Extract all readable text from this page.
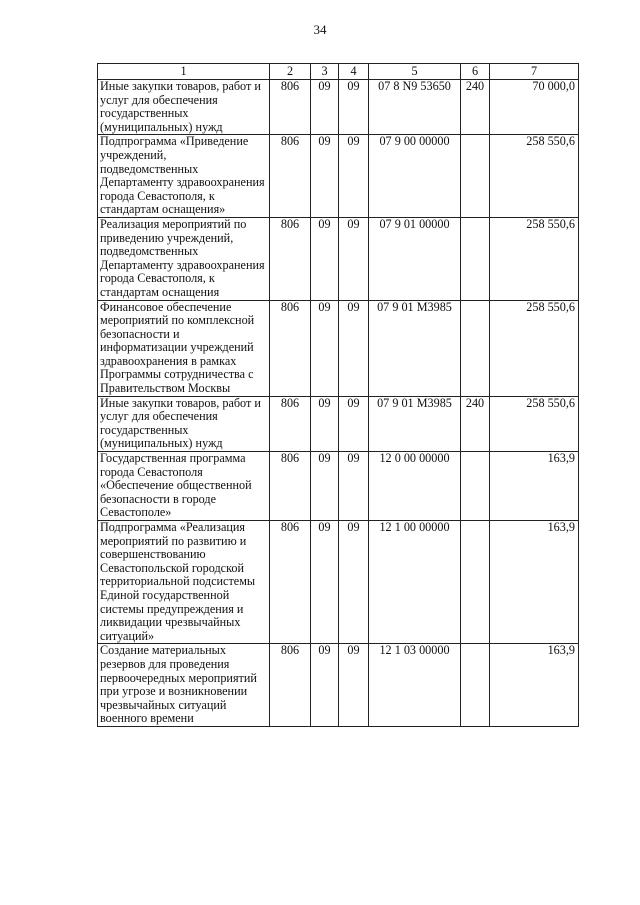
34
1	2	3	4	5	6	7
Иные закупки товаров, работ и услуг для обеспечения государственных (муниципальных) нужд	806	09	09	07 8 N9 53650	240	70 000,0
Подпрограмма «Приведение учреждений, подведомственных Департаменту здравоохранения города Севастополя, к стандартам оснащения»	806	09	09	07 9 00 00000		258 550,6
Реализация мероприятий по приведению учреждений, подведомственных Департаменту здравоохранения города Севастополя, к стандартам оснащения	806	09	09	07 9 01 00000		258 550,6
Финансовое обеспечение мероприятий по комплексной безопасности и информатизации учреждений здравоохранения в рамках Программы сотрудничества с Правительством Москвы	806	09	09	07 9 01 М3985		258 550,6
Иные закупки товаров, работ и услуг для обеспечения государственных (муниципальных) нужд	806	09	09	07 9 01 М3985	240	258 550,6
Государственная программа города Севастополя «Обеспечение общественной безопасности в городе Севастополе»	806	09	09	12 0 00 00000		163,9
Подпрограмма «Реализация мероприятий по развитию и совершенствованию Севастопольской городской территориальной подсистемы Единой государственной системы предупреждения и ликвидации чрезвычайных ситуаций»	806	09	09	12 1 00 00000		163,9
Создание материальных резервов для проведения первоочередных мероприятий при угрозе и возникновении чрезвычайных ситуаций военного времени	806	09	09	12 1 03 00000		163,9
